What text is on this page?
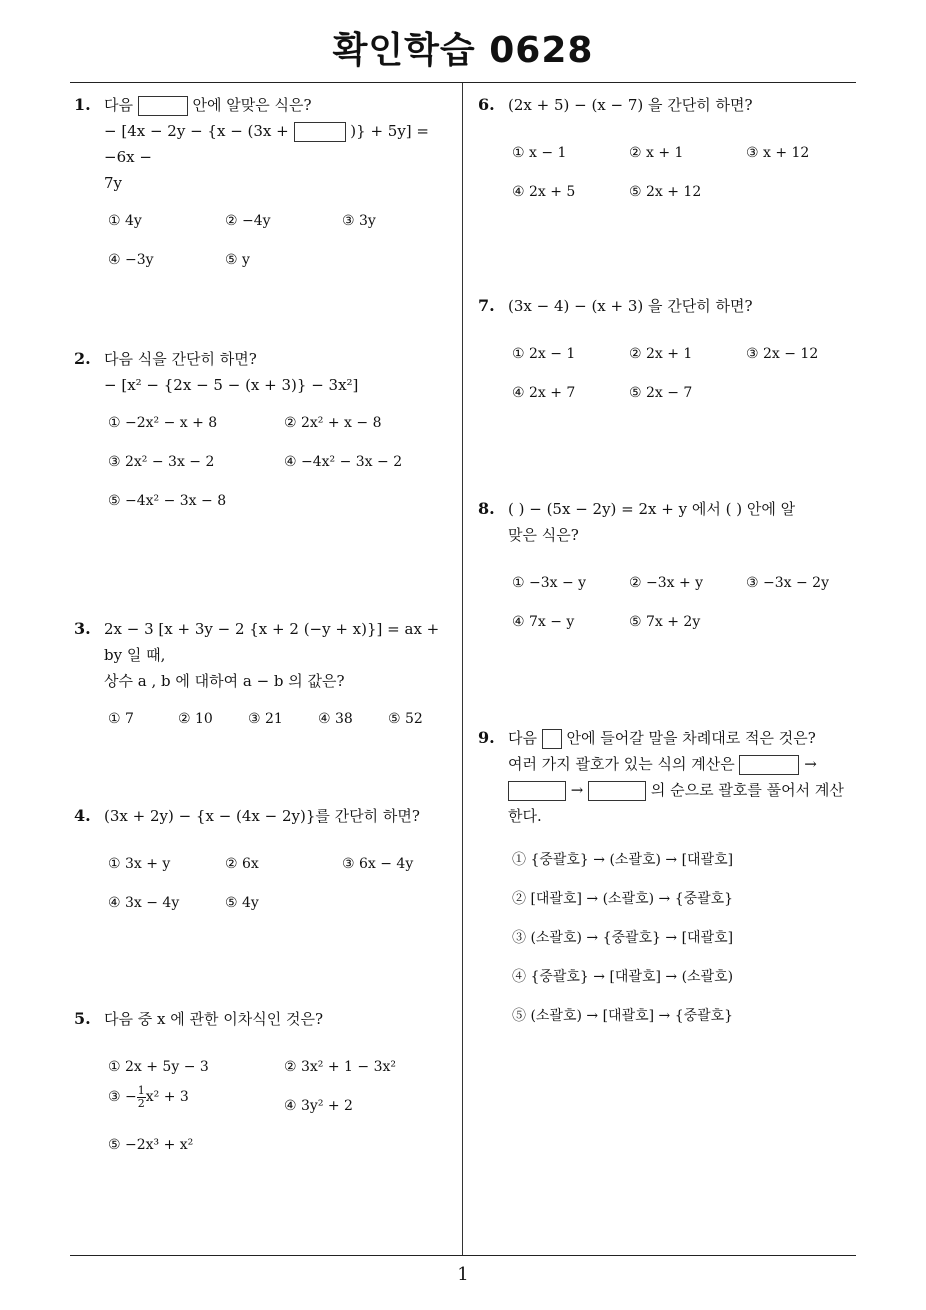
확인학습 0628
1
1. 다음	안에 알맞은 식은?
− [4x − 2y − {x − (3x +	)} + 5y] = −6x −
7y
① 4y	② −4y	③ 3y
④ −3y	⑤ y
2. 다음 식을 간단히 하면?
− [x² − {2x − 5 − (x + 3)} − 3x²]
① −2x² − x + 8	② 2x² + x − 8
③ 2x² − 3x − 2	④ −4x² − 3x − 2
⑤ −4x² − 3x − 8
3. 2x − 3 [x + 3y − 2 {x + 2 (−y + x)}] = ax + by 일 때,
상수 a , b 에 대하여 a − b 의 값은?
① 7	② 10	③ 21	④ 38	⑤ 52
4. (3x + 2y) − {x − (4x − 2y)}를 간단히 하면?
① 3x + y	② 6x	③ 6x − 4y
④ 3x − 4y	⑤ 4y
5. 다음 중 x 에 관한 이차식인 것은?
① 2x + 5y − 3	② 3x² + 1 − 3x²
③ − $\frac{1}{2} x^2 + 3$
④ 3y² + 2
⑤ −2x³ + x²
6. (2x + 5) − (x − 7) 을 간단히 하면?
① x − 1	② x + 1	③ x + 12
④ 2x + 5	⑤ 2x + 12
7. (3x − 4) − (x + 3) 을 간단히 하면?
① 2x − 1	② 2x + 1	③ 2x − 12
④ 2x + 7	⑤ 2x − 7
8. ( ) − (5x − 2y) = 2x + y 에서 ( ) 안에 알
맞은 식은?
① −3x − y	② −3x + y	③ −3x − 2y
④ 7x − y	⑤ 7x + 2y
9. 다음 안에 들어갈 말을 차례대로 적은 것은?
여러 가지 괄호가 있는 식의 계산은	→
→	의 순으로 괄호를 풀어서 계산
한다.
① {중괄호} → (소괄호) → [대괄호]
② [대괄호] → (소괄호) → {중괄호}
③ (소괄호) → {중괄호} → [대괄호]
④ {중괄호} → [대괄호] → (소괄호)
⑤ (소괄호) → [대괄호] → {중괄호}
